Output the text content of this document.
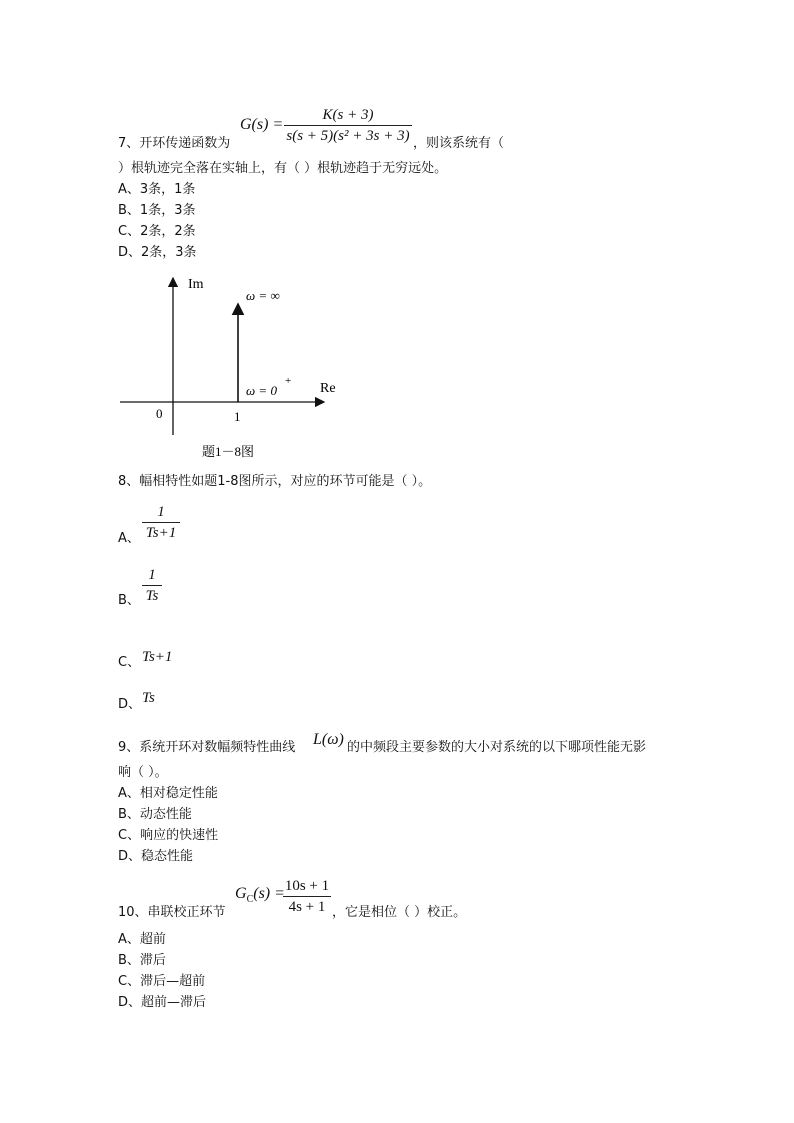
G(s) =
K(s + 3)
s(s + 5)(s² + 3s + 3)
7、开环传递函数为	，则该系统有（
）根轨迹完全落在实轴上，有（ ）根轨迹趋于无穷远处。
A、3条，1条
B、1条，3条
C、2条，2条
D、2条，3条
Im
Re
0	1
ω = ∞
ω = 0
+
题1－8图
8、幅相特性如题1-8图所示，对应的环节可能是（ ）。
A、
1
Ts+1
B、
1
Ts
C、 Ts+1
D、 Ts
9、系统开环对数幅频特性曲线 L(ω) 的中频段主要参数的大小对系统的以下哪项性能无影
响（ ）。
A、相对稳定性能
B、动态性能
C、响应的快速性
D、稳态性能
$G_C(s) = 10s + 1$
4s + 1
10、串联校正环节	，它是相位（ ）校正。
A、超前
B、滞后
C、滞后—超前
D、超前—滞后
